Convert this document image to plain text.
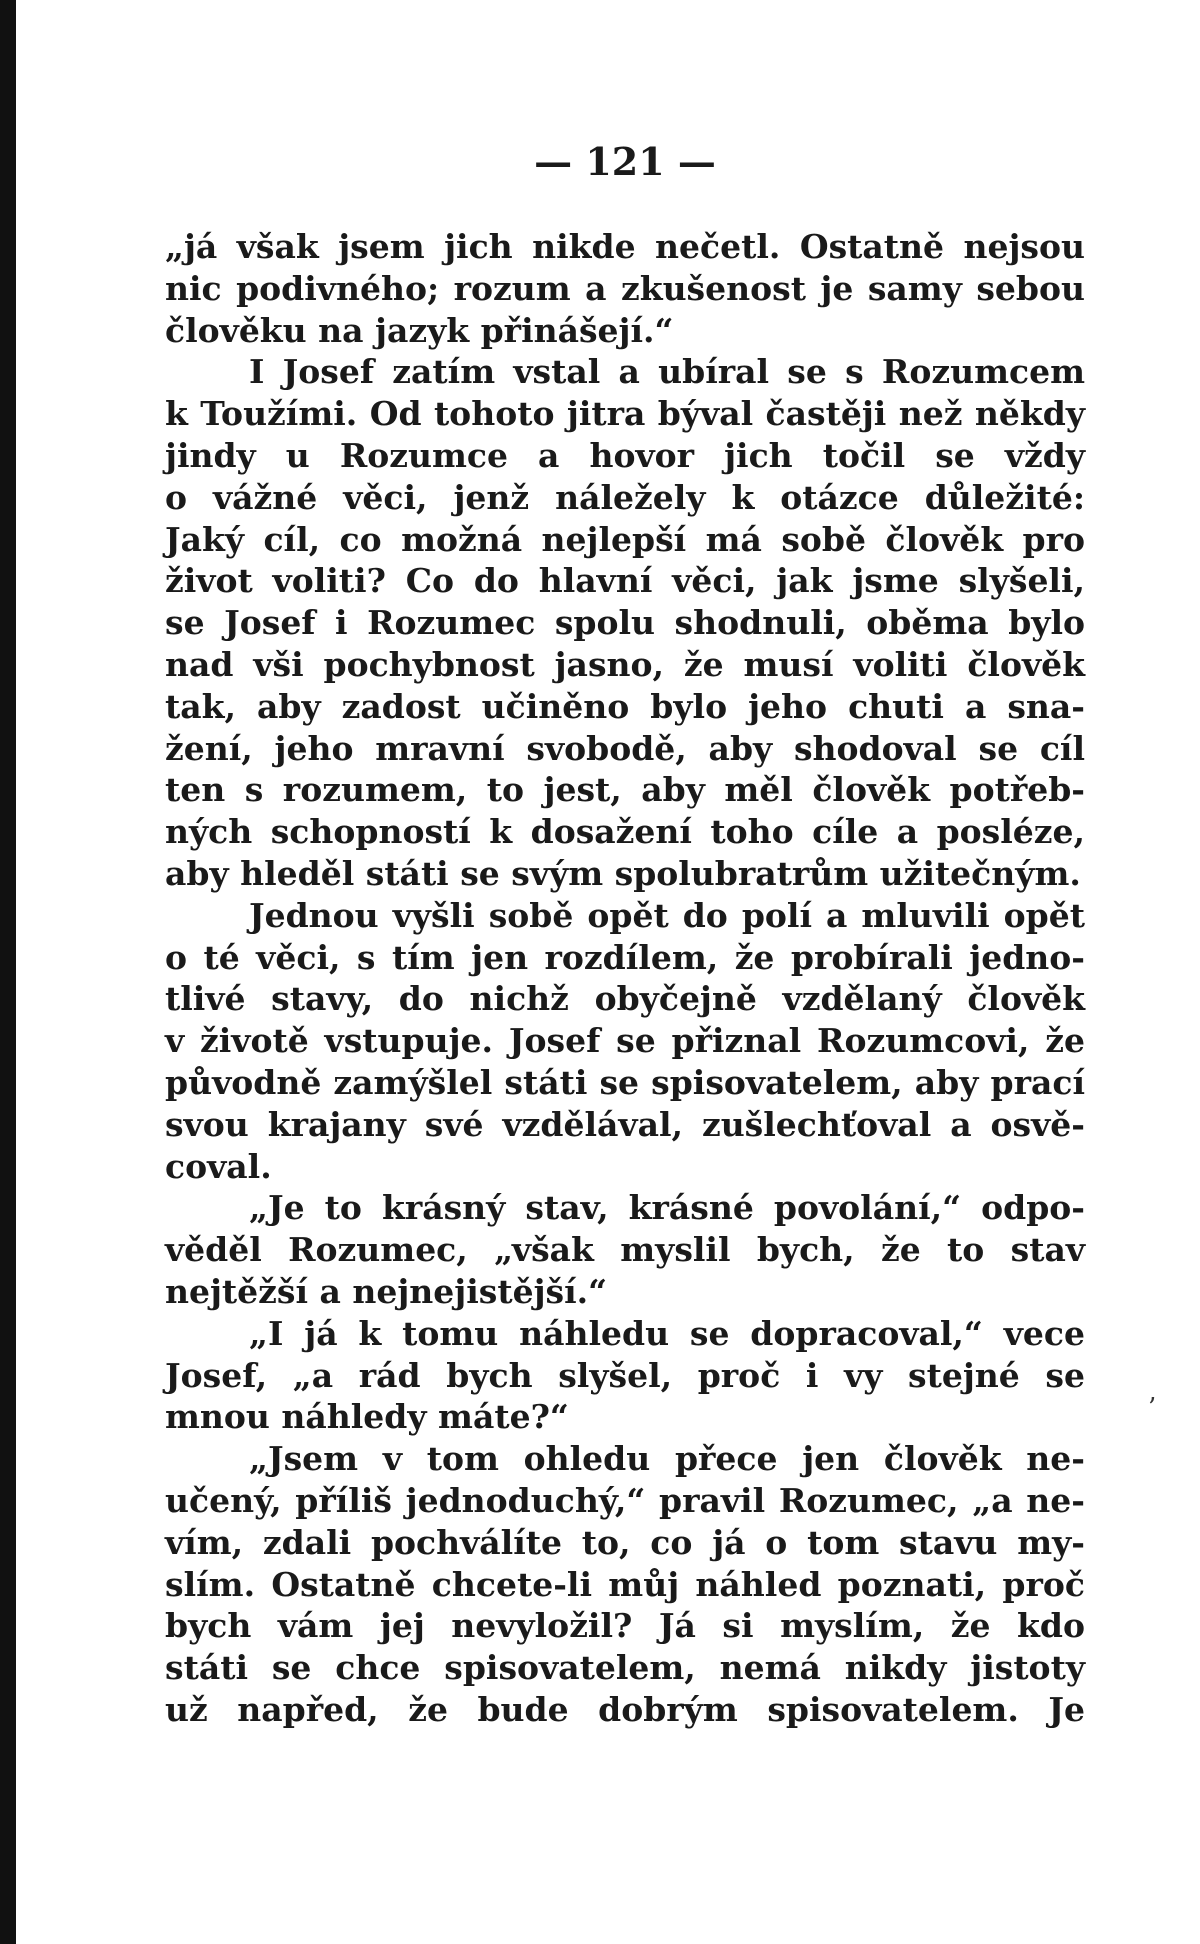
— 121 —
„já však jsem jich nikde nečetl. Ostatně nejsou
nic podivného; rozum a zkušenost je samy sebou
člověku na jazyk přinášejí.“
I Josef zatím vstal a ubíral se s Rozumcem
k Toužími. Od tohoto jitra býval častěji než někdy
jindy u Rozumce a hovor jich točil se vždy
o vážné věci, jenž náležely k otázce důležité:
Jaký cíl, co možná nejlepší má sobě člověk pro
život voliti? Co do hlavní věci, jak jsme slyšeli,
se Josef i Rozumec spolu shodnuli, oběma bylo
nad vši pochybnost jasno, že musí voliti člověk
tak, aby zadost učiněno bylo jeho chuti a sna-
žení, jeho mravní svobodě, aby shodoval se cíl
ten s rozumem, to jest, aby měl člověk potřeb-
ných schopností k dosažení toho cíle a posléze,
aby hleděl státi se svým spolubratrům užitečným.
Jednou vyšli sobě opět do polí a mluvili opět
o té věci, s tím jen rozdílem, že probírali jedno-
tlivé stavy, do nichž obyčejně vzdělaný člověk
v životě vstupuje. Josef se přiznal Rozumcovi, že
původně zamýšlel státi se spisovatelem, aby prací
svou krajany své vzdělával, zušlechťoval a osvě-
coval.
„Je to krásný stav, krásné povolání,“ odpo-
věděl Rozumec, „však myslil bych, že to stav
nejtěžší a nejnejistější.“
„I já k tomu náhledu se dopracoval,“ vece
Josef, „a rád bych slyšel, proč i vy stejné se
mnou náhledy máte?“
„Jsem v tom ohledu přece jen člověk ne-
učený, příliš jednoduchý,“ pravil Rozumec, „a ne-
vím, zdali pochválíte to, co já o tom stavu my-
slím. Ostatně chcete-li můj náhled poznati, proč
bych vám jej nevyložil? Já si myslím, že kdo
státi se chce spisovatelem, nemá nikdy jistoty
už napřed, že bude dobrým spisovatelem. Je
’
